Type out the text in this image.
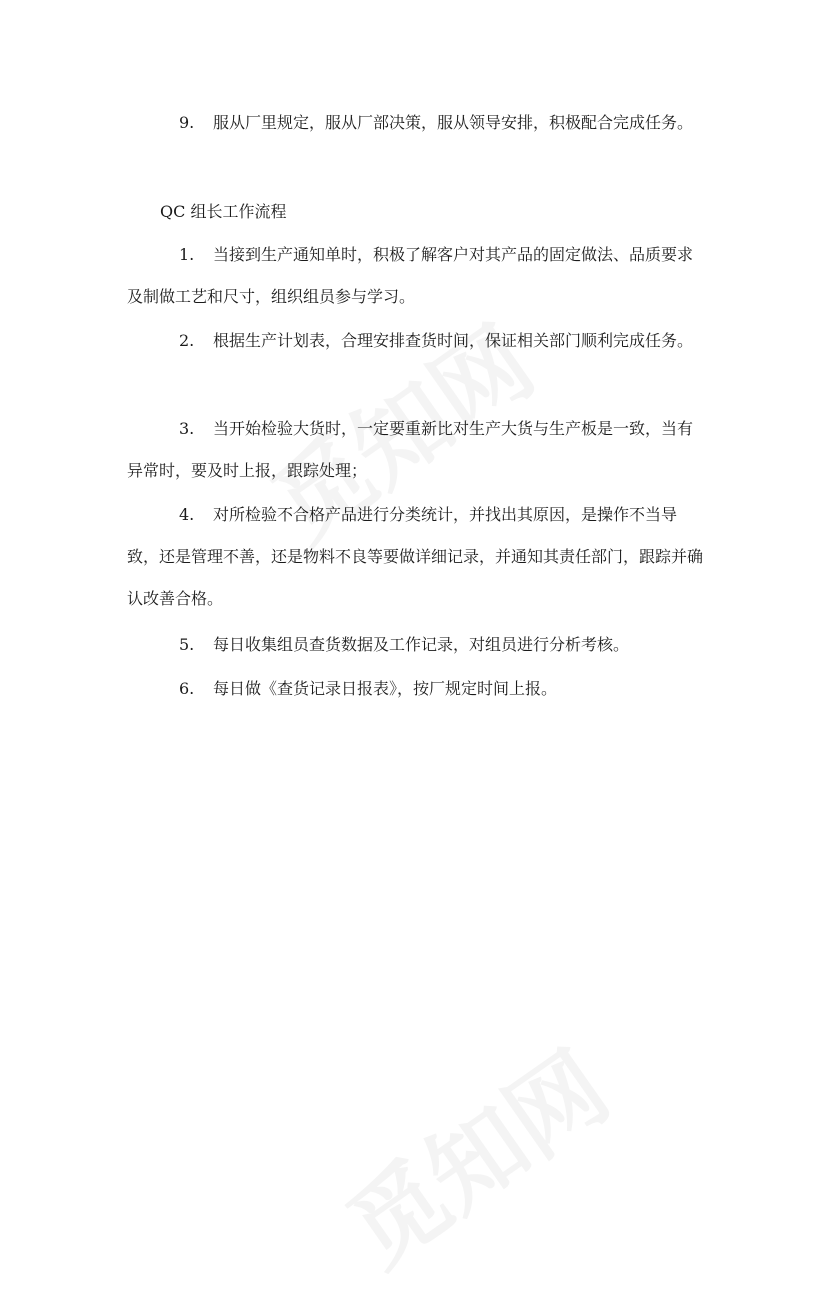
9. 服从厂里规定，服从厂部决策，服从领导安排，积极配合完成任务。

QC 组长工作流程

1. 当接到生产通知单时，积极了解客户对其产品的固定做法、品质要求及制做工艺和尺寸，组织组员参与学习。

2. 根据生产计划表，合理安排查货时间，保证相关部门顺利完成任务。

3. 当开始检验大货时，一定要重新比对生产大货与生产板是一致，当有异常时，要及时上报，跟踪处理；

4. 对所检验不合格产品进行分类统计，并找出其原因，是操作不当导致，还是管理不善，还是物料不良等要做详细记录，并通知其责任部门，跟踪并确认改善合格。

5. 每日收集组员查货数据及工作记录，对组员进行分析考核。

6. 每日做《查货记录日报表》，按厂规定时间上报。
